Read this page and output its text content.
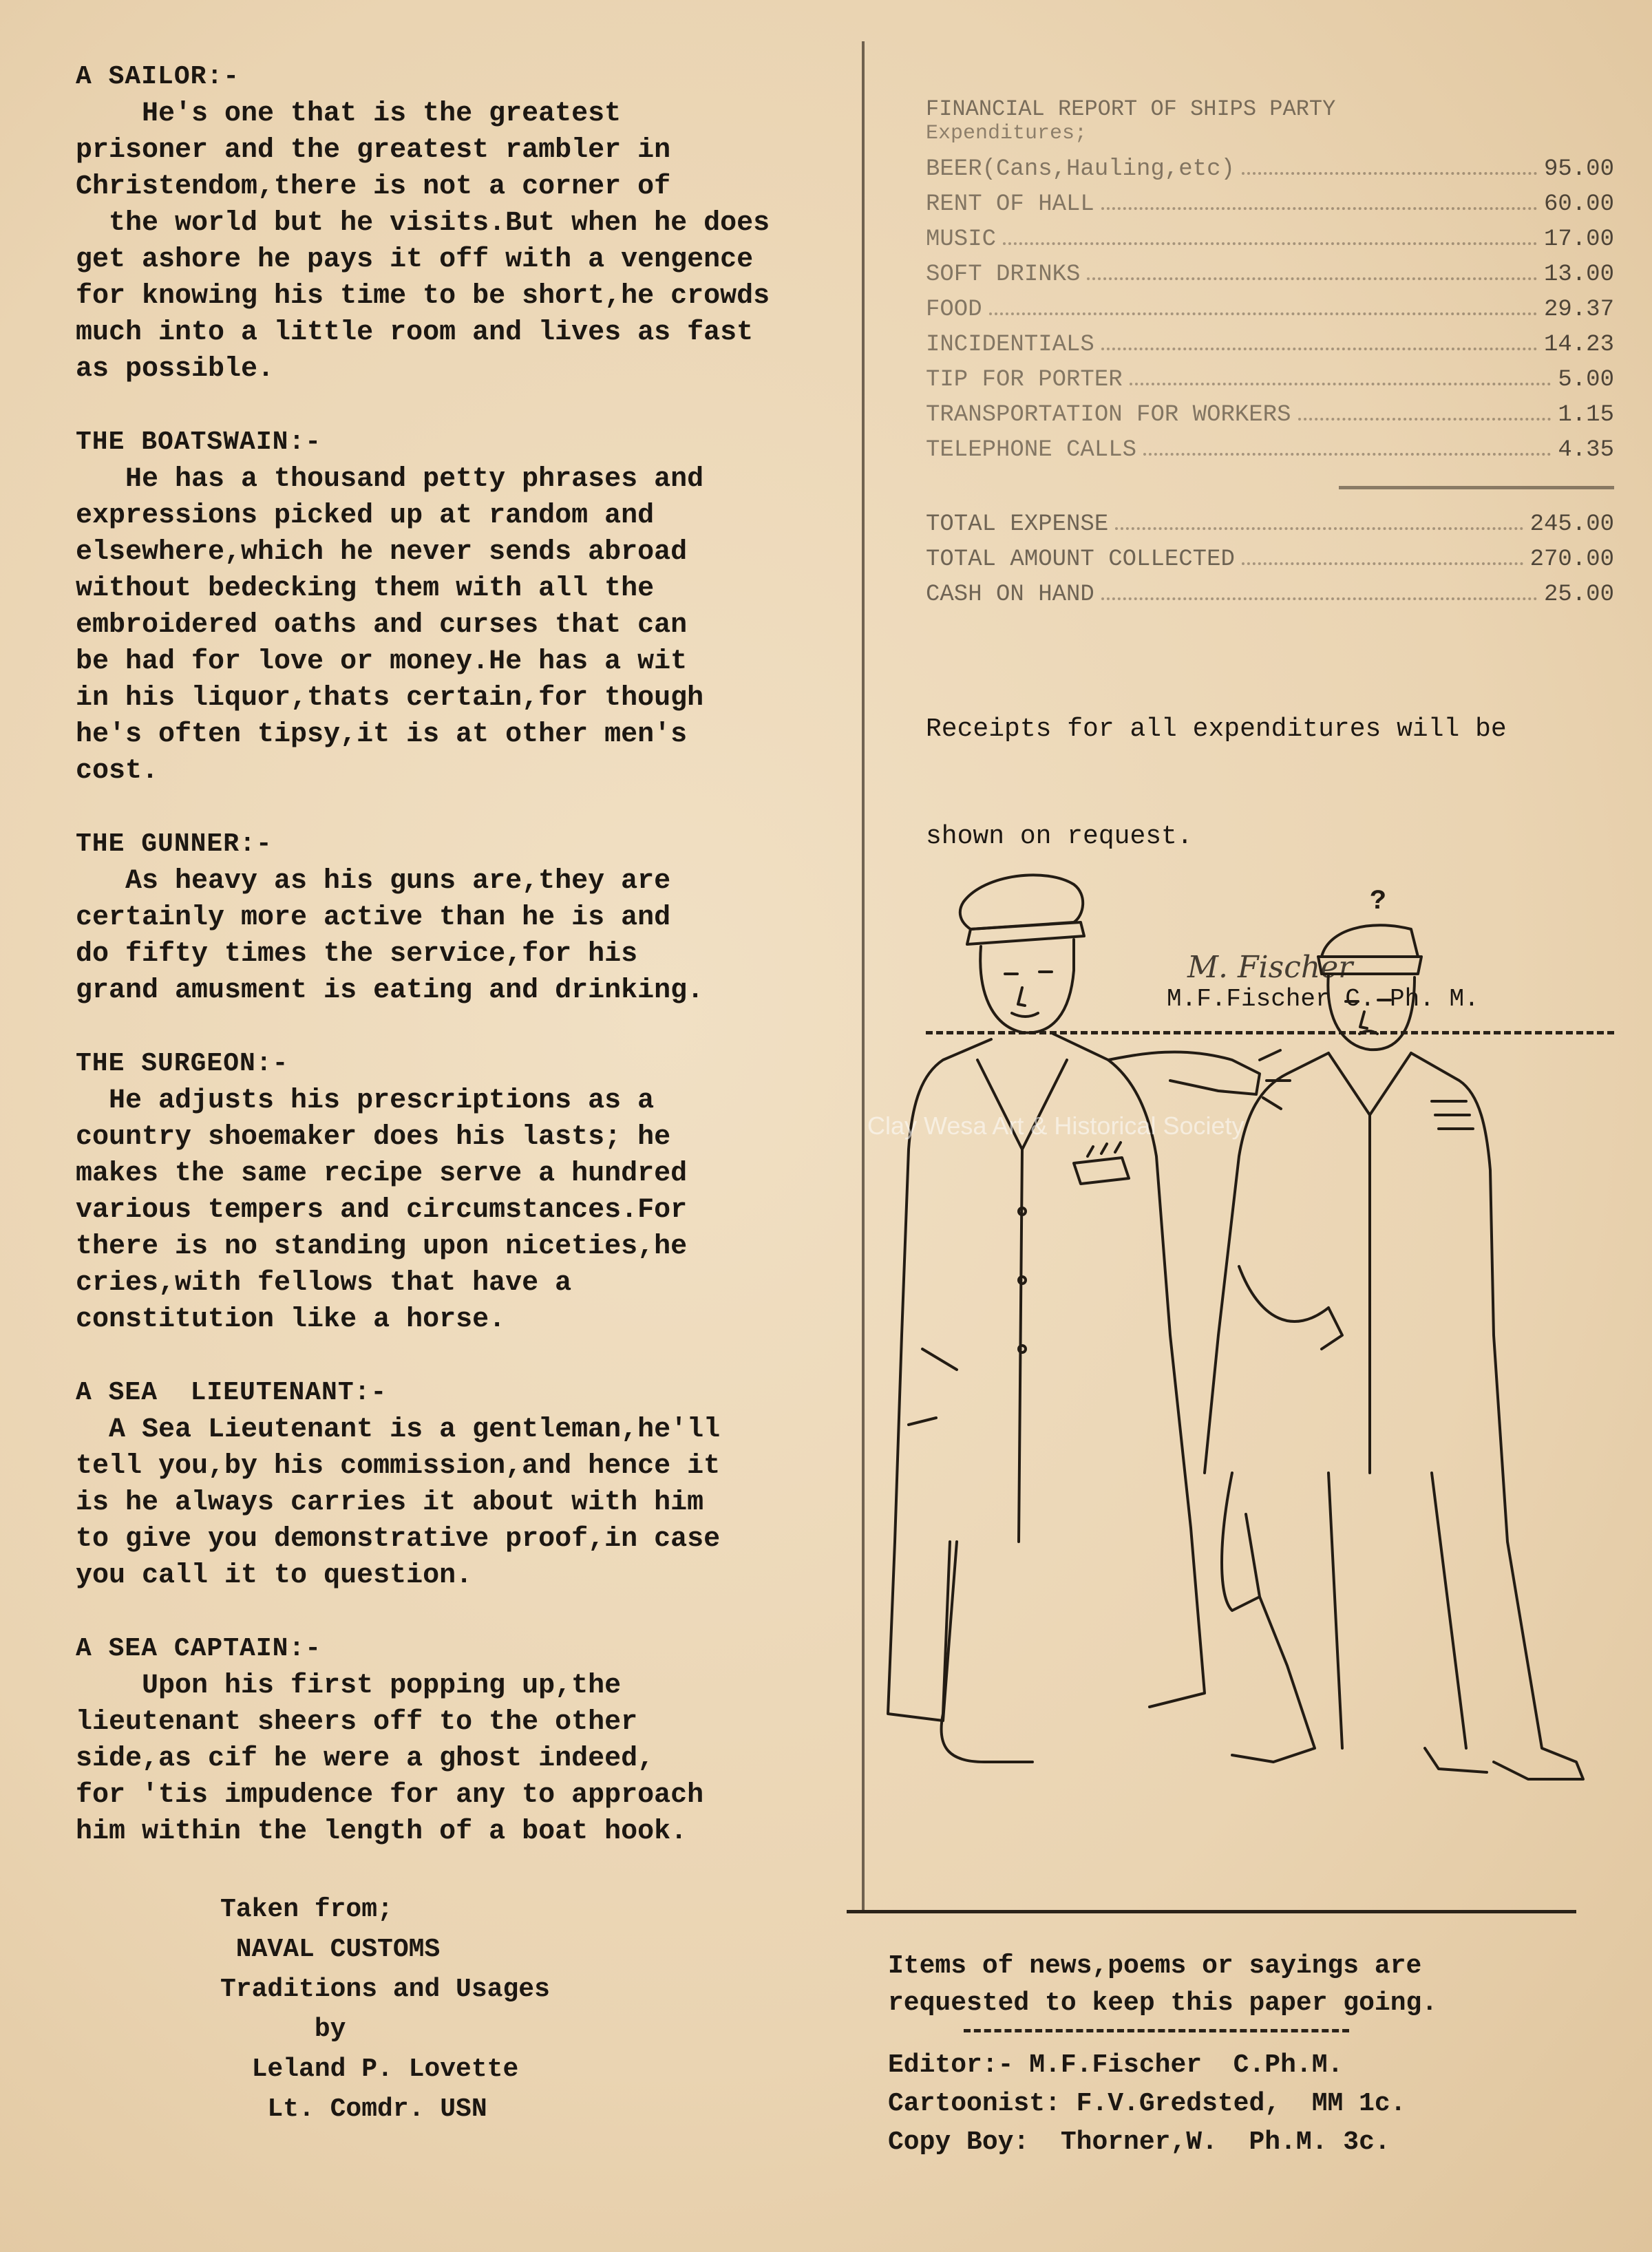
A SAILOR:-
He's one that is the greatest
prisoner and the greatest rambler in
Christendom,there is not a corner of
the world but he visits.But when he does
get ashore he pays it off with a vengence
for knowing his time to be short,he crowds
much into a little room and lives as fast
as possible.
THE BOATSWAIN:-
He has a thousand petty phrases and
expressions picked up at random and
elsewhere,which he never sends abroad
without bedecking them with all the
embroidered oaths and curses that can
be had for love or money.He has a wit
in his liquor,thats certain,for though
he's often tipsy,it is at other men's
cost.
THE GUNNER:-
As heavy as his guns are,they are
certainly more active than he is and
do fifty times the service,for his
grand amusment is eating and drinking.
THE SURGEON:-
He adjusts his prescriptions as a
country shoemaker does his lasts; he
makes the same recipe serve a hundred
various tempers and circumstances.For
there is no standing upon niceties,he
cries,with fellows that have a
constitution like a horse.
A SEA  LIEUTENANT:-
A Sea Lieutenant is a gentleman,he'll
tell you,by his commission,and hence it
is he always carries it about with him
to give you demonstrative proof,in case
you call it to question.
A SEA CAPTAIN:-
Upon his first popping up,the
lieutenant sheers off to the other
side,as cif he were a ghost indeed,
for 'tis impudence for any to approach
him within the length of a boat hook.
Taken from;
NAVAL CUSTOMS
Traditions and Usages
by
Leland P. Lovette
Lt. Comdr. USN
FINANCIAL REPORT OF SHIPS PARTY
Expenditures;
BEER(Cans,Hauling,etc)	95.00
RENT OF HALL	60.00
MUSIC	17.00
SOFT DRINKS	13.00
FOOD	29.37
INCIDENTIALS	14.23
TIP FOR PORTER	5.00
TRANSPORTATION FOR WORKERS	1.15
TELEPHONE CALLS	4.35
TOTAL EXPENSE	245.00
TOTAL AMOUNT COLLECTED	270.00
CASH ON HAND	25.00

Receipts for all expenditures will be

shown on request.

M. Fischer
M.F.Fischer C. Ph. M.
?
Clay Wesa Art & Historical Society
Items of news,poems or sayings are
requested to keep this paper going.
Editor:- M.F.Fischer  C.Ph.M.
Cartoonist: F.V.Gredsted,  MM 1c.
Copy Boy:  Thorner,W.  Ph.M. 3c.
